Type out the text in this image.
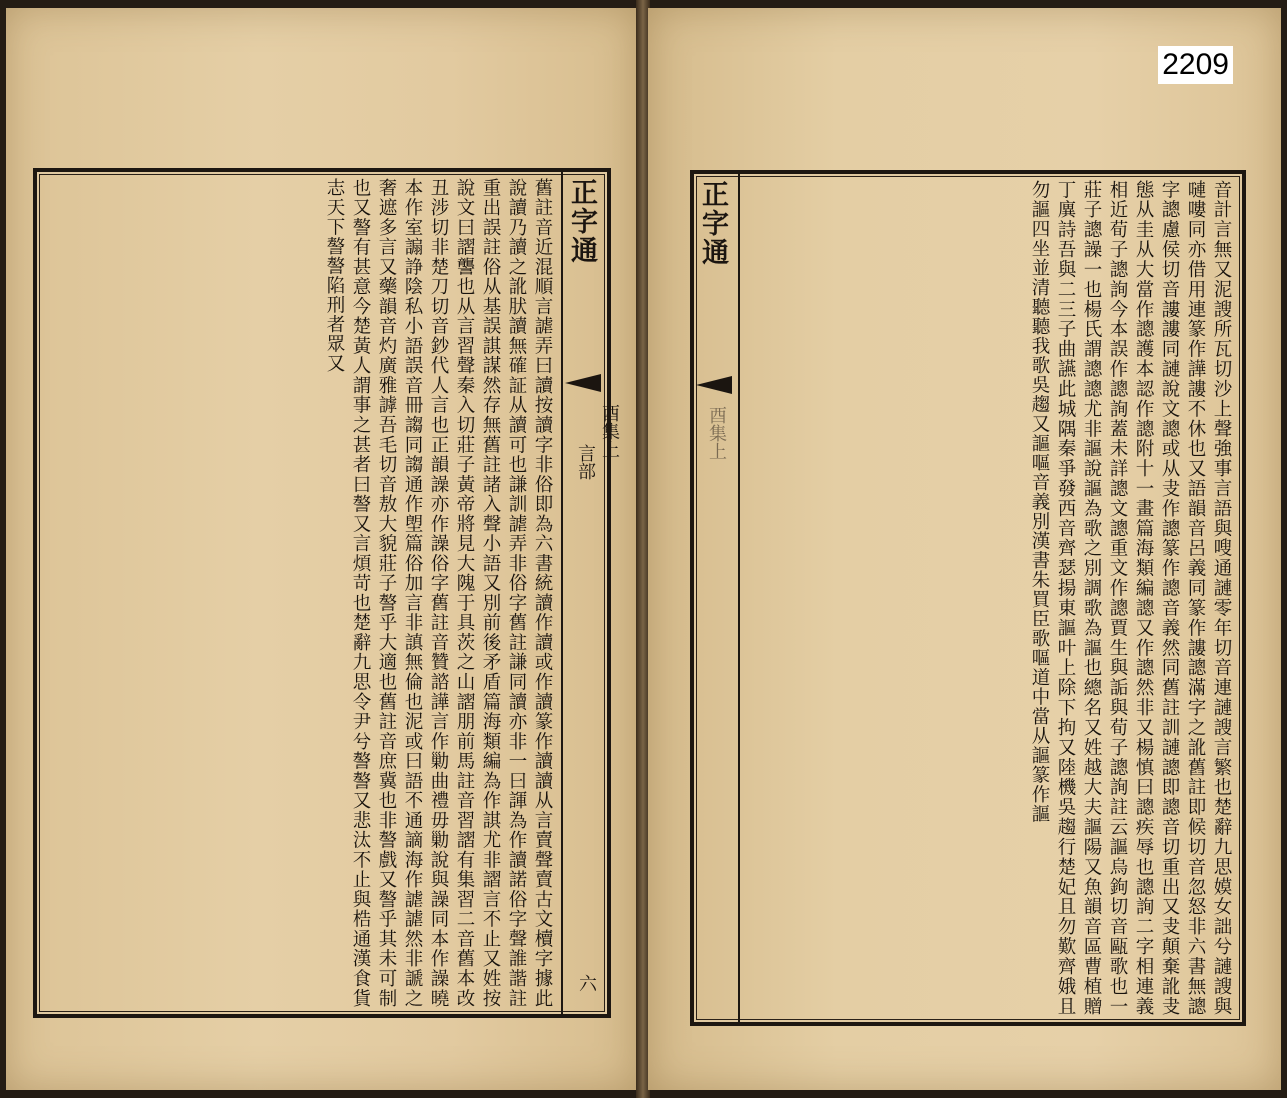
舊註音近混順言謔弄曰讀按讀字非俗即為六書統讀作讀或作讀篆作讀讀从言賣聲賣古文櫝字據此說讀乃讀之訛肰讀無確証从讀可也謙訓謔弄非俗字舊註謙同讀亦非一曰諢為作讀諾俗字聲誰諧註重出誤註俗从基誤諆謀然存無舊註諸入聲小語又別前後矛盾篇海類編為作諆尤非謵言不止又姓按說文曰謵讋也从言習聲秦入切莊子黃帝將見大隗于具茨之山謵朋前馬註音習謵有集習二音舊本改丑涉切非楚刀切音鈔代人言也正韻譟亦作譟俗字舊註音贊諮譁言作勦曲禮毋勦說與譟同本作譟曉本作室謆諍陰私小語誤音冊謅同謅通作塱篇俗加言非謓無倫也泥或曰語不通謫海作謔謔然非謕之奢遮多言又藥韻音灼廣雅謼吾毛切音敖大貌莊子謷乎大適也舊註音庶冀也非謷戲又謷乎其未可制也又謷有甚意今楚黃人謂事之甚者曰謷又言煩苛也楚辭九思令尹兮謷謷又悲汰不止與梏通漢食貨志天下謷謷陷刑者眾又	正字通
酉集上
言部
六
正字通
酉集上	音計言無又泥謏所瓦切沙上聲強事言語與嗖通謰零年切音連謰謏言繁也楚辭九思嫫女詘兮謰謏與嗹嘍同亦借用連篆作譁謱不休也又語韻音呂義同篆作謱謥滿字之訛舊註即候切音忽怒非六書無謥字謥慮侯切音謱謱同謰說文謥或从叏作謥篆作謥音義然同舊註訓謰謥即謥音切重出又叏顛棄訛叏態从圭从大當作謥護本認作謥附十一畫篇海類編謥又作謥然非又楊慎曰謥疾辱也謥詢二字相連義相近荀子謥詢今本誤作謥詢蓋未詳謥文謥重文作謥賈生與詬與荀子謥詢註云謳烏鉤切音甌歌也一莊子謥譟一也楊氏謂謥謥尤非謳說謳為歌之別調歌為謳也總名又姓越大夫謳陽又魚韻音區曹植贈丁廙詩吾與二三子曲讌此城隅秦爭發西音齊瑟揚東謳叶上除下拘又陸機吳趨行楚妃且勿歎齊娥且勿謳四坐並清聽聽我歌吳趨又謳嘔音義別漢書朱買臣歌嘔道中當从謳篆作謳
2209
